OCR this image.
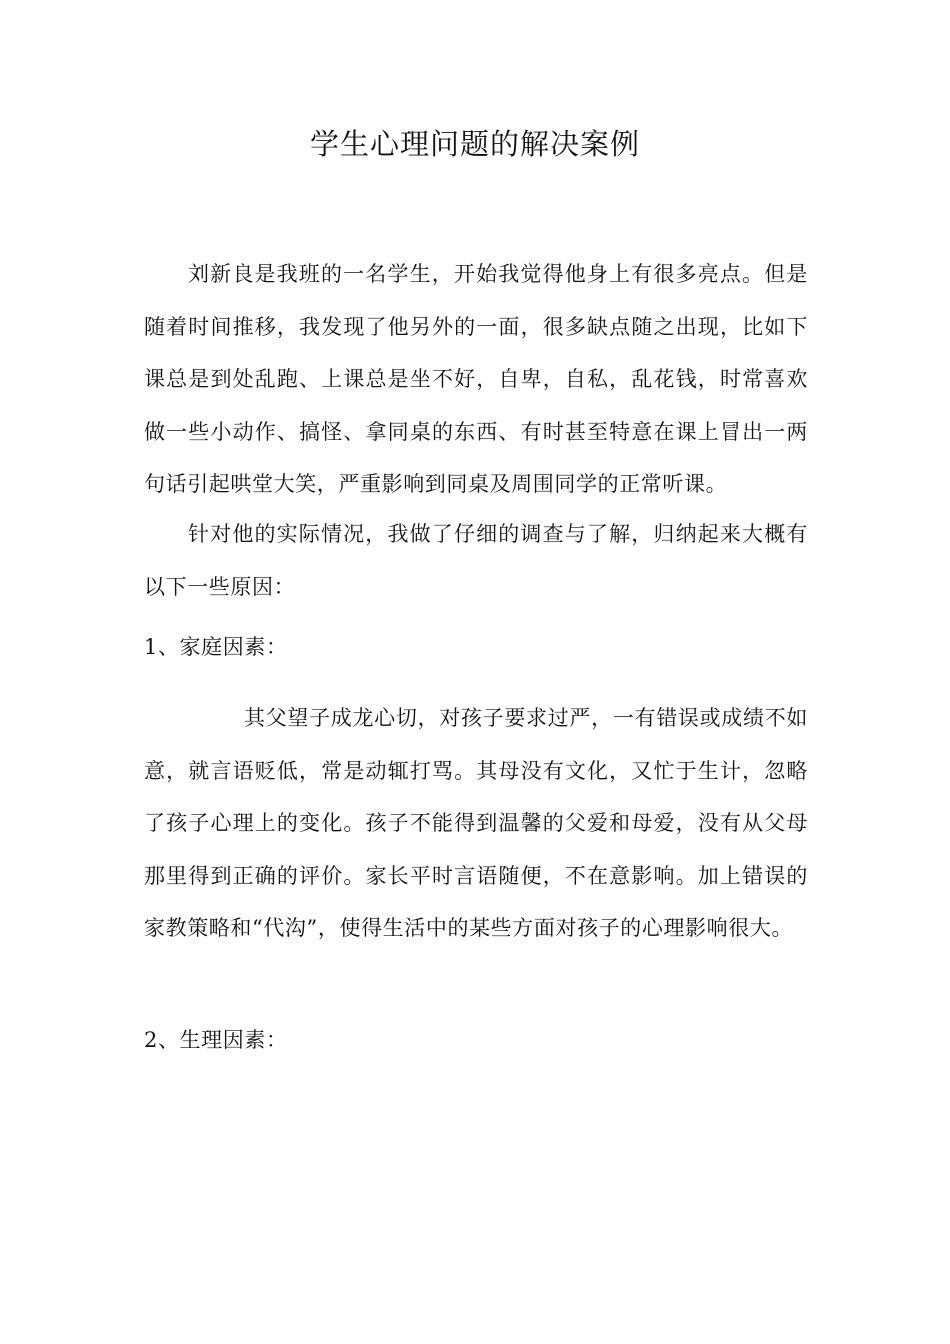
学生心理问题的解决案例

刘新良是我班的一名学生，开始我觉得他身上有很多亮点。但是随着时间推移，我发现了他另外的一面，很多缺点随之出现，比如下课总是到处乱跑、上课总是坐不好，自卑，自私，乱花钱，时常喜欢做一些小动作、搞怪、拿同桌的东西、有时甚至特意在课上冒出一两句话引起哄堂大笑，严重影响到同桌及周围同学的正常听课。

针对他的实际情况，我做了仔细的调查与了解，归纳起来大概有以下一些原因：

1、家庭因素：

其父望子成龙心切，对孩子要求过严，一有错误或成绩不如意，就言语贬低，常是动辄打骂。其母没有文化，又忙于生计，忽略了孩子心理上的变化。孩子不能得到温馨的父爱和母爱，没有从父母那里得到正确的评价。家长平时言语随便，不在意影响。加上错误的家教策略和“代沟”，使得生活中的某些方面对孩子的心理影响很大。

2、生理因素：
